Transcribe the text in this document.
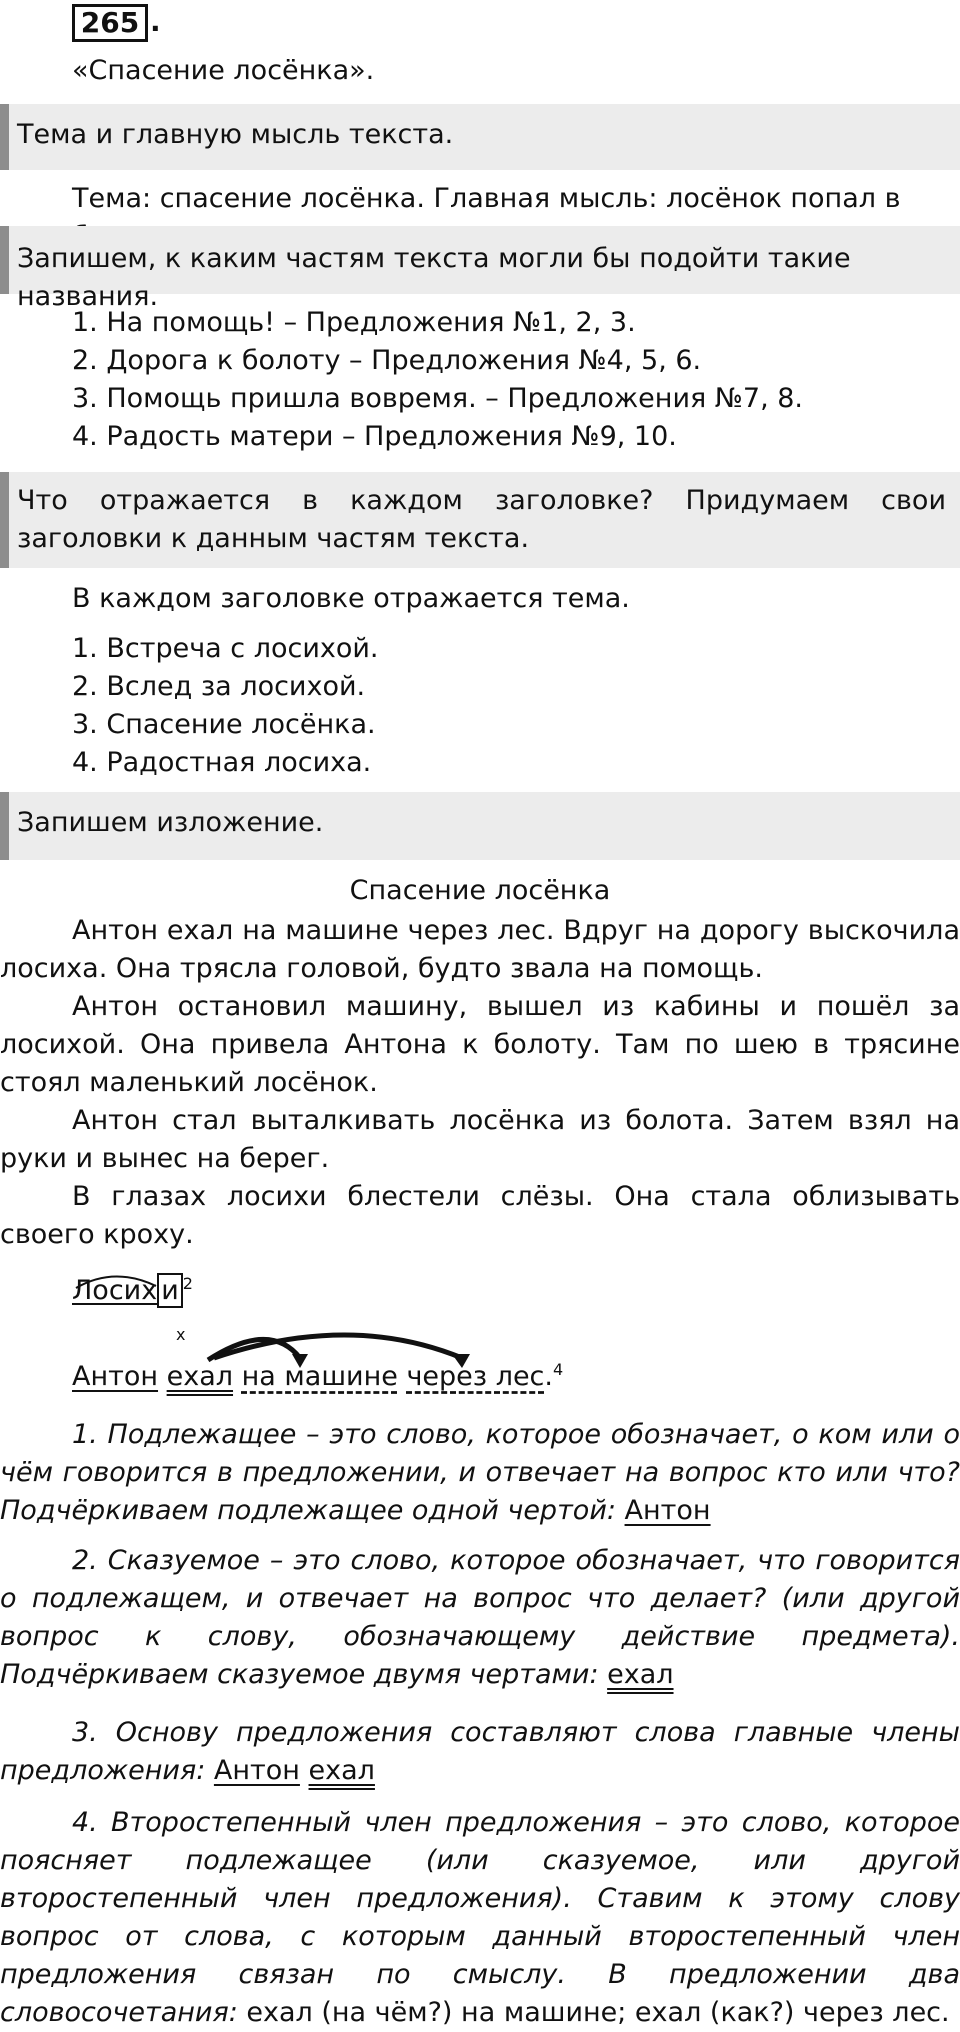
265 .

«Спасение лосёнка».

Тема и главную мысль текста.

Тема: спасение лосёнка. Главная мысль: лосёнок попал в

Запишем, к каким частям текста могли бы подойти такие названия.
1. На помощь! – Предложения №1, 2, 3.
2. Дорога к болоту – Предложения №4, 5, 6.
3. Помощь пришла вовремя. – Предложения №7, 8.
4. Радость матери – Предложения №9, 10.
Что отражается в каждом заголовке? Придумаем свои заголовки к данным частям текста.

В каждом заголовке отражается тема.

1. Встреча с лосихой.
2. Вслед за лосихой.
3. Спасение лосёнка.
4. Радостная лосиха.
Запишем изложение.
Спасение лосёнка
Антон ехал на машине через лес. Вдруг на дорогу выскочила лосиха. Она трясла головой, будто звала на помощь.
Антон остановил машину, вышел из кабины и пошёл за лосихой. Она привела Антона к болоту. Там по шею в трясине стоял маленький лосёнок.
Антон стал выталкивать лосёнка из болота. Затем взял на руки и вынес на берег.
В глазах лосихи блестели слёзы. Она стала облизывать своего кроху.
Лосих и $^2$
х
Антон ехал на машине через лес.$^4$
1. Подлежащее – это слово, которое обозначает, о ком или о чём говорится в предложении, и отвечает на вопрос кто или что? Подчёркиваем подлежащее одной чертой: Антон
2. Сказуемое – это слово, которое обозначает, что говорится о подлежащем, и отвечает на вопрос что делает? (или другой вопрос к слову, обозначающему действие предмета). Подчёркиваем сказуемое двумя чертами: ехал
3. Основу предложения составляют слова главные члены предложения: Антон ехал
4. Второстепенный член предложения – это слово, которое поясняет подлежащее (или сказуемое, или другой второстепенный член предложения). Ставим к этому слову вопрос от слова, с которым данный второстепенный член предложения связан по смыслу. В предложении два словосочетания: ехал (на чём?) на машине; ехал (как?) через лес.
